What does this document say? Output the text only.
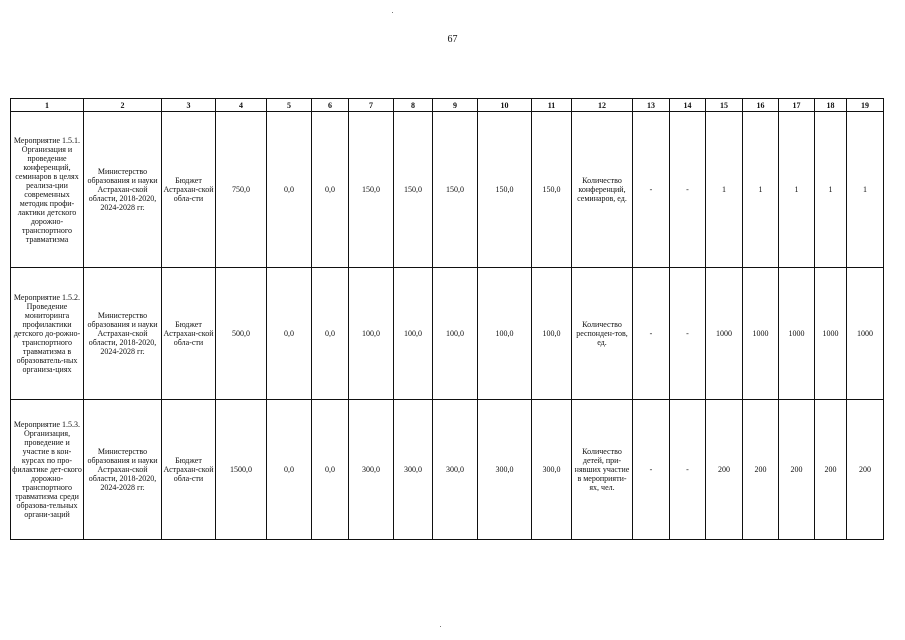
67
1	2	3	4	5	6	7	8	9	10	11	12	13	14	15	16	17	18	19
Мероприятие 1.5.1.
Организация и проведение конференций, семинаров в целях реализа-ции современных методик профи-лактики детского дорожно-транспортного травматизма	Министерство образования и науки Астрахан-ской области, 2018-2020, 2024-2028 гг.	Бюджет Астрахан-ской обла-сти	750,0	0,0	0,0	150,0	150,0	150,0	150,0	150,0	Количество конференций, семинаров, ед.	-	-	1	1	1	1	1
Мероприятие 1.5.2.
Проведение мониторинга профилактики детского до-рожно-транспортного травматизма в образователь-ных организа-циях	Министерство образования и науки Астрахан-ской области, 2018-2020, 2024-2028 гг.	Бюджет Астрахан-ской обла-сти	500,0	0,0	0,0	100,0	100,0	100,0	100,0	100,0	Количество респонден-тов, ед.	-	-	1000	1000	1000	1000	1000
Мероприятие 1.5.3.
Организация, проведение и участие в кон-курсах по про-филактике дет-ского дорожно-транспортного травматизма среди образова-тельных органи-заций	Министерство образования и науки Астрахан-ской области, 2018-2020, 2024-2028 гг.	Бюджет Астрахан-ской обла-сти	1500,0	0,0	0,0	300,0	300,0	300,0	300,0	300,0	Количество детей, при-нявших участие в мероприяти-ях, чел.	-	-	200	200	200	200	200
